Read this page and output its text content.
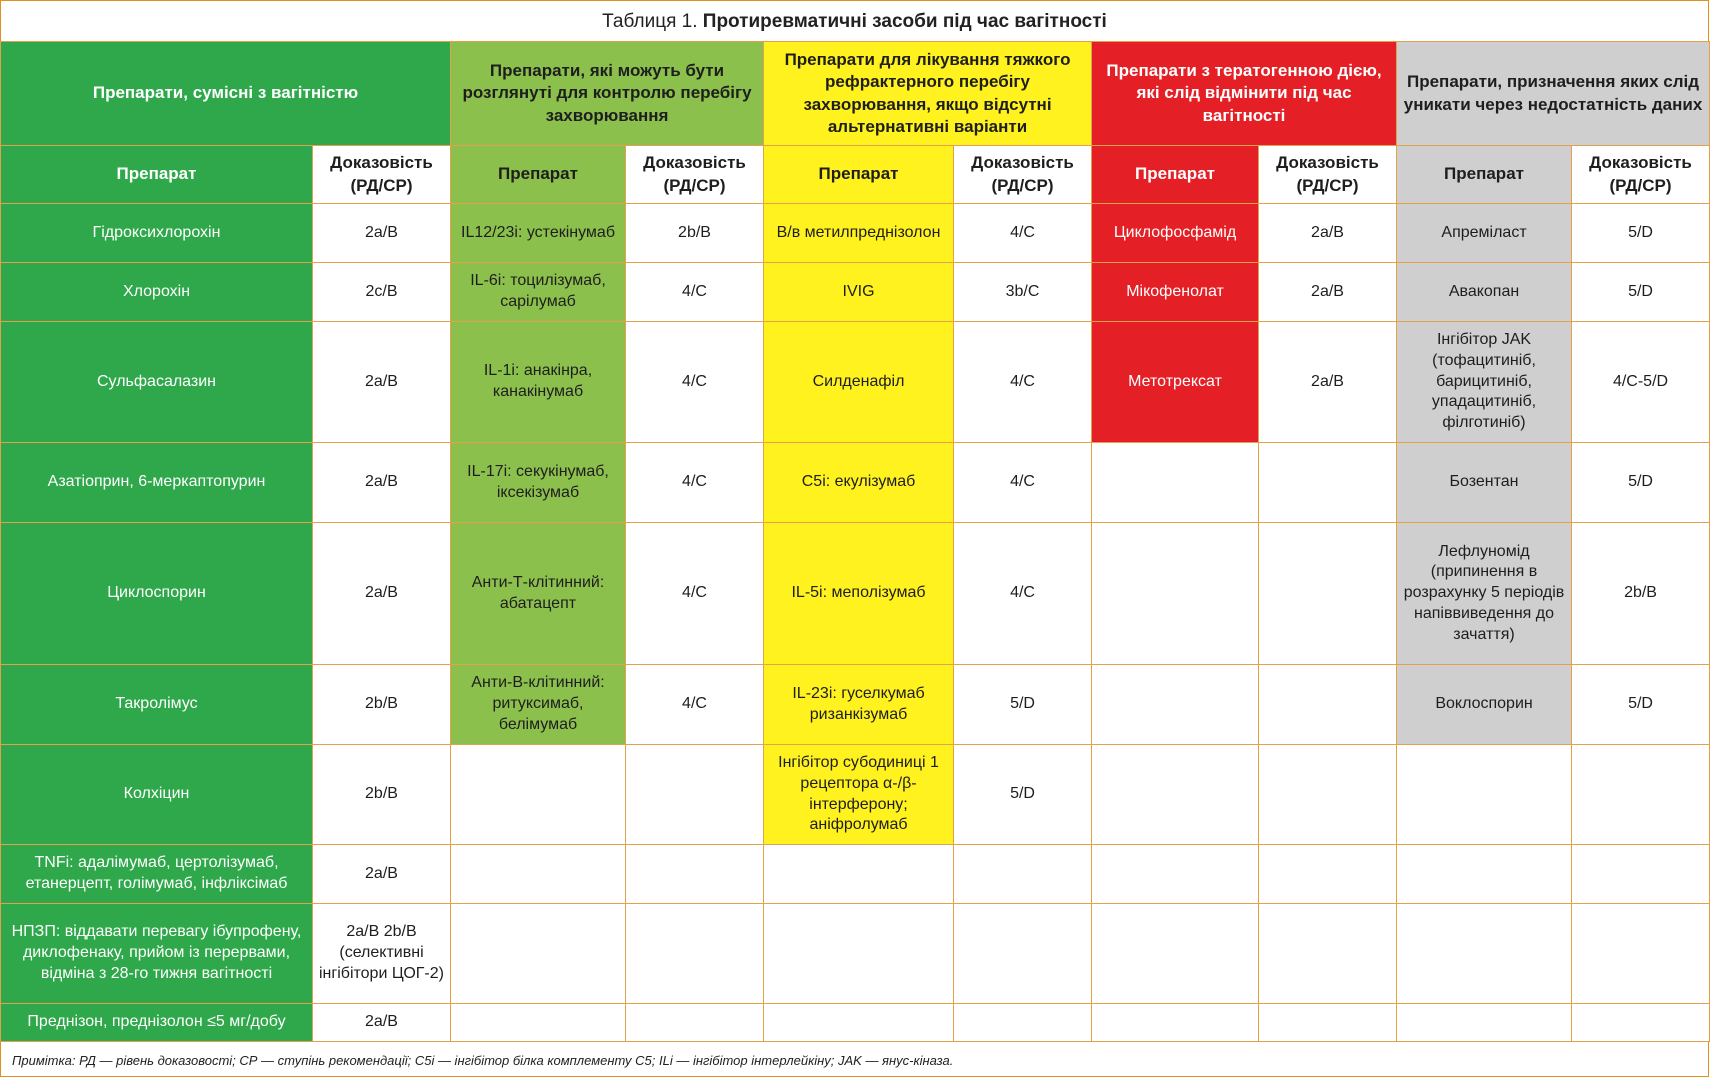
Таблиця 1. Протиревматичні засоби під час вагітності
Препарати, сумісні з вагітністю		Препарати, які можуть бути розглянуті для контролю перебігу захворювання		Препарати для лікування тяжкого рефрактерного перебігу захворювання, якщо відсутні альтернативні варіанти		Препарати з тератогенною дією, які слід відмінити під час вагітності		Препарати, призначення яких слід уникати через недостатність даних	
Препарат	Доказовість (РД/СР)	Препарат	Доказовість (РД/СР)	Препарат	Доказовість (РД/СР)	Препарат	Доказовість (РД/СР)	Препарат	Доказовість (РД/СР)
Гідроксихлорохін	2a/B	IL12/23i: устекінумаб	2b/B	В/в метилпреднізолон	4/C	Циклофосфамід	2a/B	Апреміласт	5/D
Хлорохін	2c/B	IL-6i: тоцилізумаб, сарілумаб	4/C	IVIG	3b/C	Мікофенолат	2a/B	Авакопан	5/D
Сульфасалазин	2a/B	IL-1i: анакінра, канакінумаб	4/C	Силденафіл	4/C	Метотрексат	2a/B	Інгібітор JAK (тофацитиніб, барицитиніб, упадацитиніб, філготиніб)	4/C-5/D
Азатіоприн, 6-меркаптопурин	2a/B	IL-17i: секукінумаб, іксекізумаб	4/C	C5i: екулізумаб	4/C			Бозентан	5/D
Циклоспорин	2a/B	Анти-Т-клітинний: абатацепт	4/C	IL-5i: меполізумаб	4/C			Лефлуномід (припинення в розрахунку 5 періодів напіввиведення до зачаття)	2b/B
Такролімус	2b/B	Анти-В-клітинний: ритуксимаб, белімумаб	4/C	IL-23i: гуселкумаб ризанкізумаб	5/D			Воклоспорин	5/D
Колхіцин	2b/B			Інгібітор субодиниці 1 рецептора α-/β-інтерферону; аніфролумаб	5/D				
TNFi: адалімумаб, цертолізумаб, етанерцепт, голімумаб, інфліксімаб	2a/B								
НПЗП: віддавати перевагу ібупрофену, диклофенаку, прийом із перервами, відміна з 28-го тижня вагітності	2a/B 2b/B (селективні інгібітори ЦОГ-2)								
Преднізон, преднізолон ≤5 мг/добу	2a/B								
Примітка: РД — рівень доказовості; СР — ступінь рекомендації; C5i — інгібітор білка комплементу C5; ILi — інгібітор інтерлейкіну; JAK — янус-кіназа.
